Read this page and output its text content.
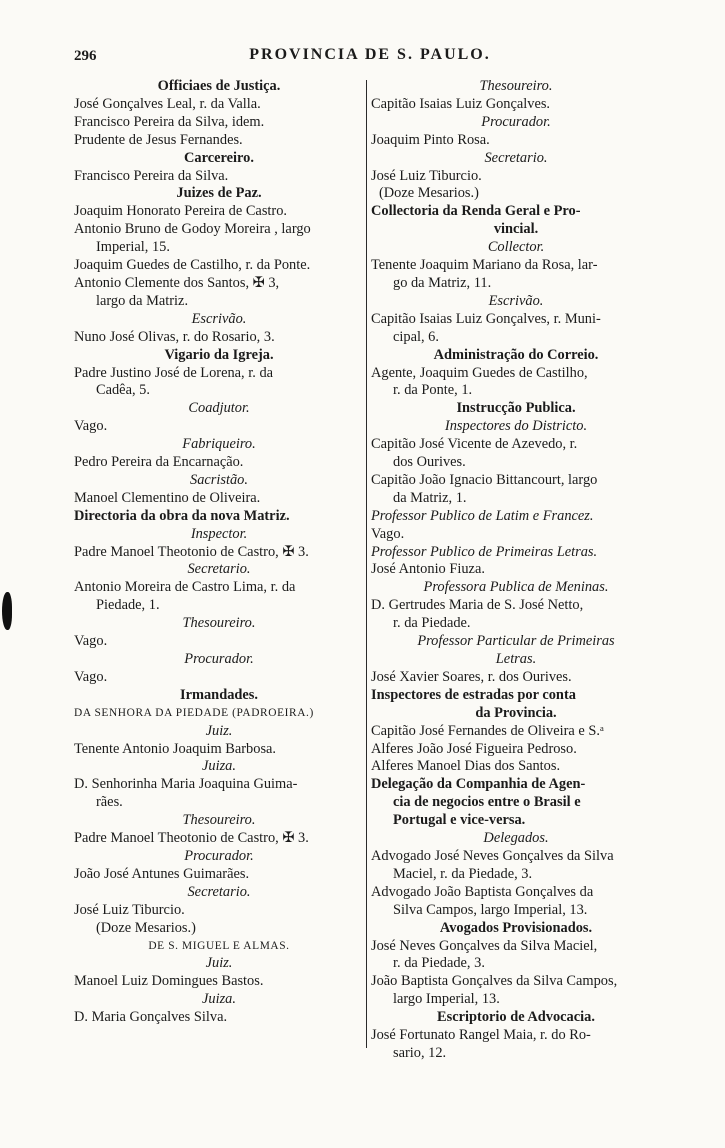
296	PROVINCIA DE S. PAULO.
Officiaes de Justiça.
José Gonçalves Leal, r. da Valla.
Francisco Pereira da Silva, idem.
Prudente de Jesus Fernandes.
Carcereiro.
Francisco Pereira da Silva.
Juizes de Paz.
Joaquim Honorato Pereira de Castro.
Antonio Bruno de Godoy Moreira , largo
Imperial, 15.
Joaquim Guedes de Castilho, r. da Ponte.
Antonio Clemente dos Santos, ✠ 3,
largo da Matriz.
Escrivão.
Nuno José Olivas, r. do Rosario, 3.
Vigario da Igreja.
Padre Justino José de Lorena, r. da
Cadêa, 5.
Coadjutor.
Vago.
Fabriqueiro.
Pedro Pereira da Encarnação.
Sacristão.
Manoel Clementino de Oliveira.
Directoria da obra da nova Matriz.
Inspector.
Padre Manoel Theotonio de Castro, ✠ 3.
Secretario.
Antonio Moreira de Castro Lima, r. da
Piedade, 1.
Thesoureiro.
Vago.
Procurador.
Vago.
Irmandades.
DA SENHORA DA PIEDADE (PADROEIRA.)
Juiz.
Tenente Antonio Joaquim Barbosa.
Juiza.
D. Senhorinha Maria Joaquina Guima-
rães.
Thesoureiro.
Padre Manoel Theotonio de Castro, ✠ 3.
Procurador.
João José Antunes Guimarães.
Secretario.
José Luiz Tiburcio.
(Doze Mesarios.)
DE S. MIGUEL E ALMAS.
Juiz.
Manoel Luiz Domingues Bastos.
Juiza.
D. Maria Gonçalves Silva.
Thesoureiro.
Capitão Isaias Luiz Gonçalves.
Procurador.
Joaquim Pinto Rosa.
Secretario.
José Luiz Tiburcio.
(Doze Mesarios.)
Collectoria da Renda Geral e Pro-
vincial.
Collector.
Tenente Joaquim Mariano da Rosa, lar-
go da Matriz, 11.
Escrivão.
Capitão Isaias Luiz Gonçalves, r. Muni-
cipal, 6.
Administração do Correio.
Agente, Joaquim Guedes de Castilho,
r. da Ponte, 1.
Instrucção Publica.
Inspectores do Districto.
Capitão José Vicente de Azevedo, r.
dos Ourives.
Capitão João Ignacio Bittancourt, largo
da Matriz, 1.
Professor Publico de Latim e Francez.
Vago.
Professor Publico de Primeiras Letras.
José Antonio Fiuza.
Professora Publica de Meninas.
D. Gertrudes Maria de S. José Netto,
r. da Piedade.
Professor Particular de Primeiras
Letras.
José Xavier Soares, r. dos Ourives.
Inspectores de estradas por conta
da Provincia.
Capitão José Fernandes de Oliveira e S.ᵃ
Alferes João José Figueira Pedroso.
Alferes Manoel Dias dos Santos.
Delegação da Companhia de Agen-
cia de negocios entre o Brasil e
Portugal e vice-versa.
Delegados.
Advogado José Neves Gonçalves da Silva
Maciel, r. da Piedade, 3.
Advogado João Baptista Gonçalves da
Silva Campos, largo Imperial, 13.
Avogados Provisionados.
José Neves Gonçalves da Silva Maciel,
r. da Piedade, 3.
João Baptista Gonçalves da Silva Campos,
largo Imperial, 13.
Escriptorio de Advocacia.
José Fortunato Rangel Maia, r. do Ro-
sario, 12.
